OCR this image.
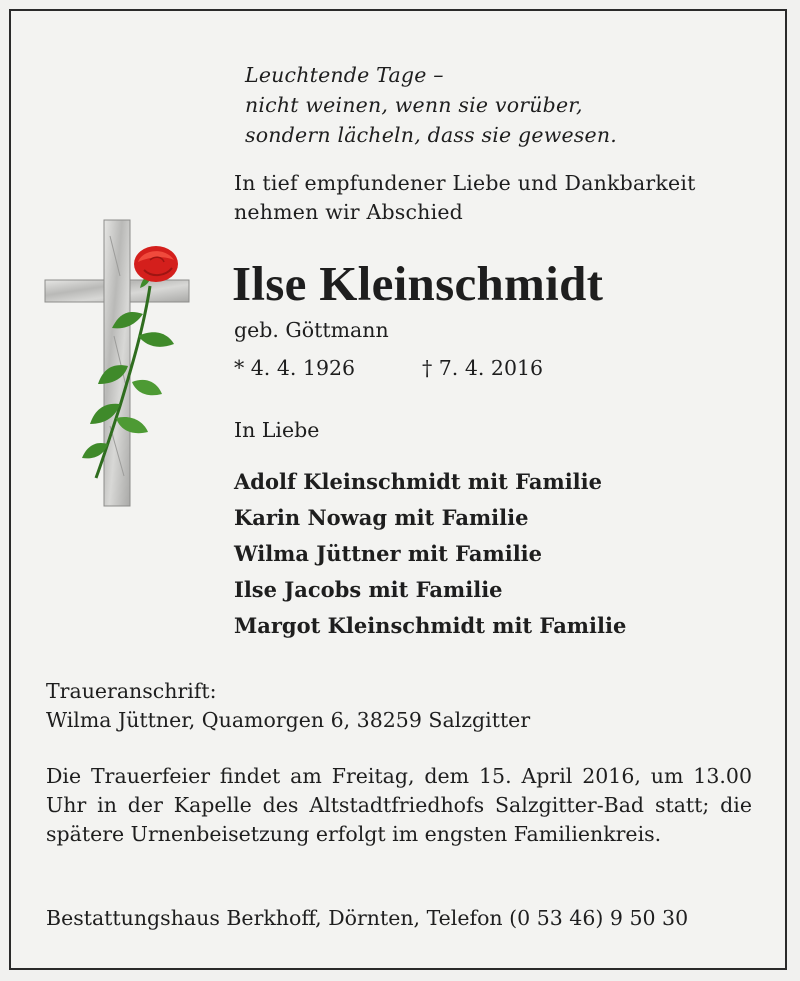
Leuchtende Tage –
nicht weinen, wenn sie vorüber,
sondern lächeln, dass sie gewesen.
In tief empfundener Liebe und Dankbarkeit
nehmen wir Abschied
Ilse Kleinschmidt
geb. Göttmann
* 4. 4. 1926	† 7. 4. 2016
In Liebe
Adolf Kleinschmidt mit Familie
Karin Nowag mit Familie
Wilma Jüttner mit Familie
Ilse Jacobs mit Familie
Margot Kleinschmidt mit Familie
Traueranschrift:
Wilma Jüttner, Quamorgen 6, 38259 Salzgitter
Die Trauerfeier findet am Freitag, dem 15. April 2016, um 13.00 Uhr in der Kapelle des Altstadtfriedhofs Salzgitter-Bad statt; die spätere Urnenbeisetzung erfolgt im engsten Familienkreis.
Bestattungshaus Berkhoff, Dörnten, Telefon (0 53 46) 9 50 30
